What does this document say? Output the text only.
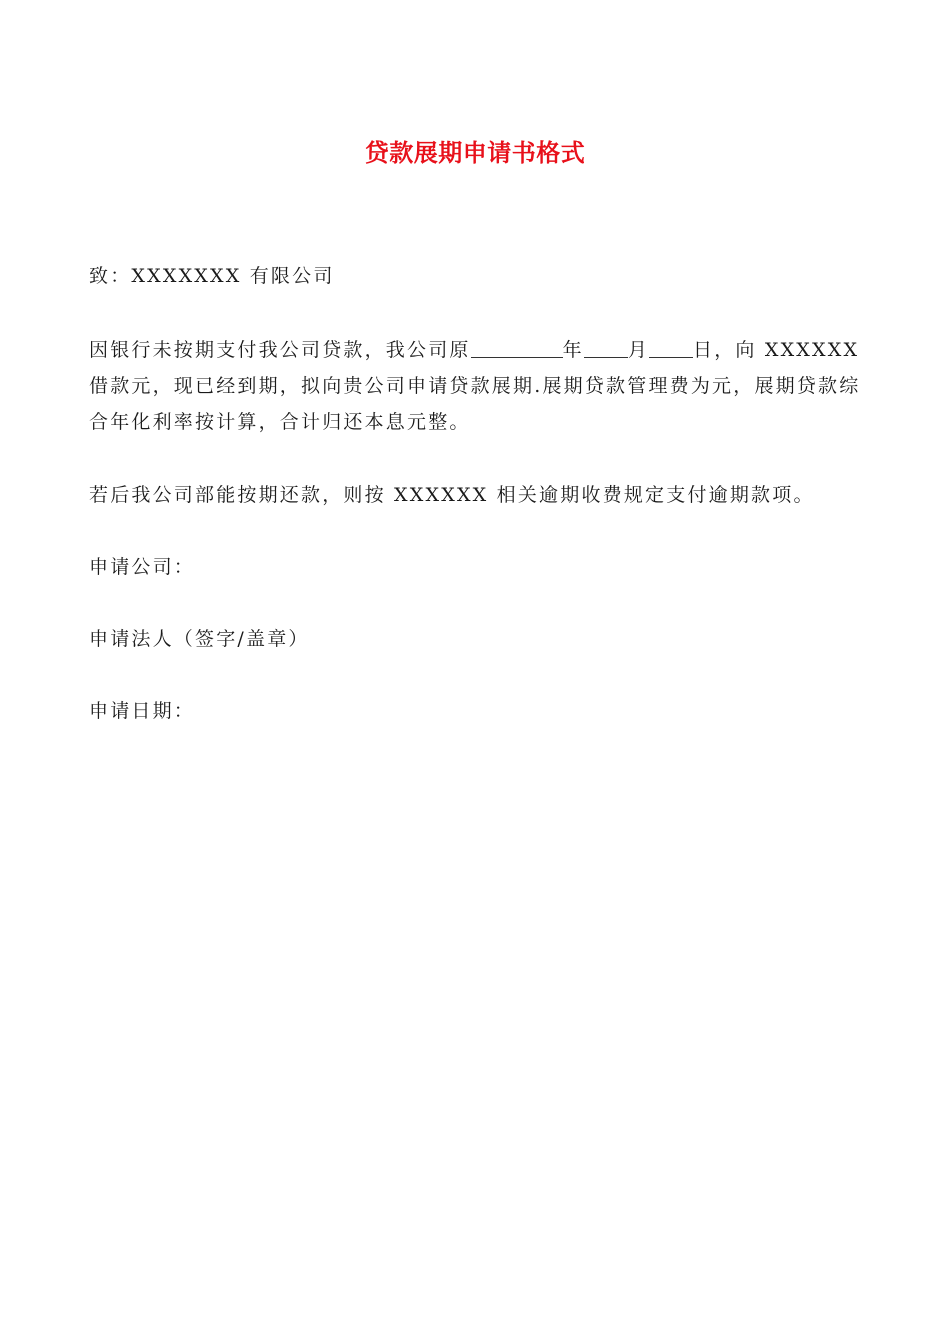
贷款展期申请书格式

致：XXXXXXX 有限公司

因银行未按期支付我公司贷款，我公司原	年 月 日，向 XXXXXX 借款元，现已经到期，拟向贵公司申请贷款展期.展期贷款管理费为元，展期贷款综合年化利率按计算，合计归还本息元整。

若后我公司部能按期还款，则按 XXXXXX 相关逾期收费规定支付逾期款项。

申请公司：

申请法人（签字/盖章）

申请日期：
